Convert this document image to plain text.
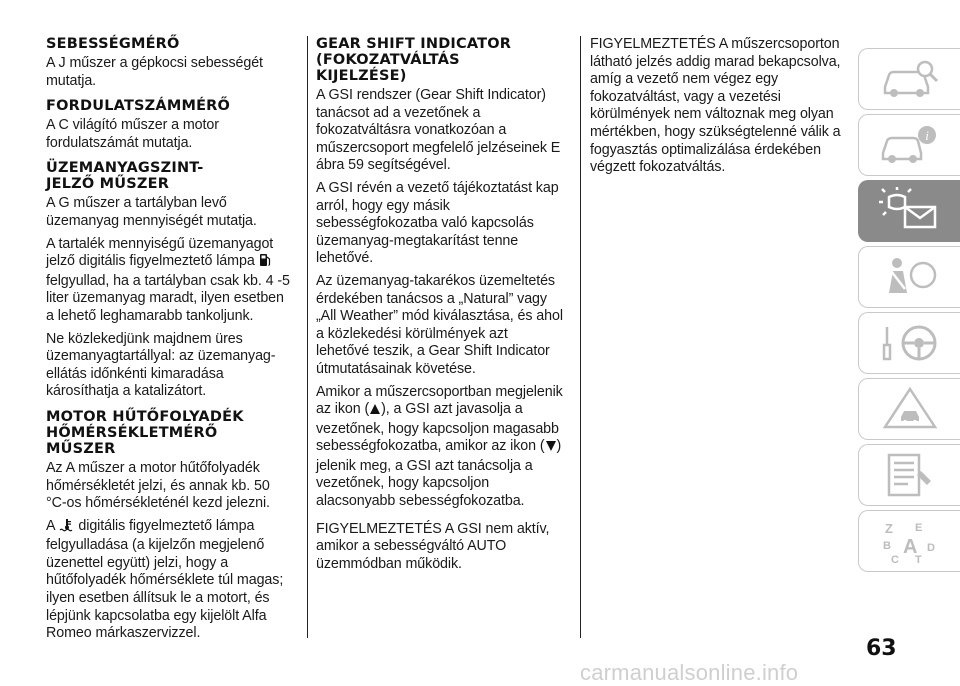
SEBESSÉGMÉRŐ

A J műszer a gépkocsi sebességét mutatja.

FORDULATSZÁMMÉRŐ

A C világító műszer a motor fordulatszámát mutatja.

ÜZEMANYAGSZINT-
JELZŐ MŰSZER

A G műszer a tartályban levő üzemanyag mennyiségét mutatja.

A tartalék mennyiségű üzemanyagot jelző digitális figyelmeztető lámpa  felgyullad, ha a tartályban csak kb. 4 -5 liter üzemanyag maradt, ilyen esetben a lehető leghamarabb tankoljunk.

Ne közlekedjünk majdnem üres üzemanyagtartállyal: az üzemanyag-ellátás időnkénti kimaradása károsíthatja a katalizátort.

MOTOR HŰTŐFOLYADÉK
HŐMÉRSÉKLETMÉRŐ
MŰSZER

Az A műszer a motor hűtőfolyadék hőmérsékletét jelzi, és annak kb. 50 °C-os hőmérsékleténél kezd jelezni.

A digitális figyelmeztető lámpa felgyulladása (a kijelzőn megjelenő üzenettel együtt) jelzi, hogy a hűtőfolyadék hőmérséklete túl magas; ilyen esetben állítsuk le a motort, és lépjünk kapcsolatba egy kijelölt Alfa Romeo márkaszervizzel.

GEAR SHIFT INDICATOR
(FOKOZATVÁLTÁS
KIJELZÉSE)

A GSI rendszer (Gear Shift Indicator) tanácsot ad a vezetőnek a fokozatváltásra vonatkozóan a műszercsoport megfelelő jelzéseinek E ábra 59 segítségével.

A GSI révén a vezető tájékoztatást kap arról, hogy egy másik sebességfokozatba való kapcsolás üzemanyag-megtakarítást tenne lehetővé.

Az üzemanyag-takarékos üzemeltetés érdekében tanácsos a „Natural” vagy „All Weather” mód kiválasztása, és ahol a közlekedési körülmények azt lehetővé teszik, a Gear Shift Indicator útmutatásainak követése.

Amikor a műszercsoportban megjelenik az ikon ( ), a GSI azt javasolja a vezetőnek, hogy kapcsoljon magasabb sebességfokozatba, amikor az ikon ( ) jelenik meg, a GSI azt tanácsolja a vezetőnek, hogy kapcsoljon alacsonyabb sebességfokozatba.

FIGYELMEZTETÉS A GSI nem aktív, amikor a sebességváltó AUTO üzemmódban működik.

FIGYELMEZTETÉS A műszercsoporton látható jelzés addig marad bekapcsolva, amíg a vezető nem végez egy fokozatváltást, vagy a vezetési körülmények nem változnak meg olyan mértékben, hogy szükségtelenné válik a fogyasztás optimalizálása érdekében végzett fokozatváltás.

i
Z E
B A D
C T
63
carmanualsonline.info
